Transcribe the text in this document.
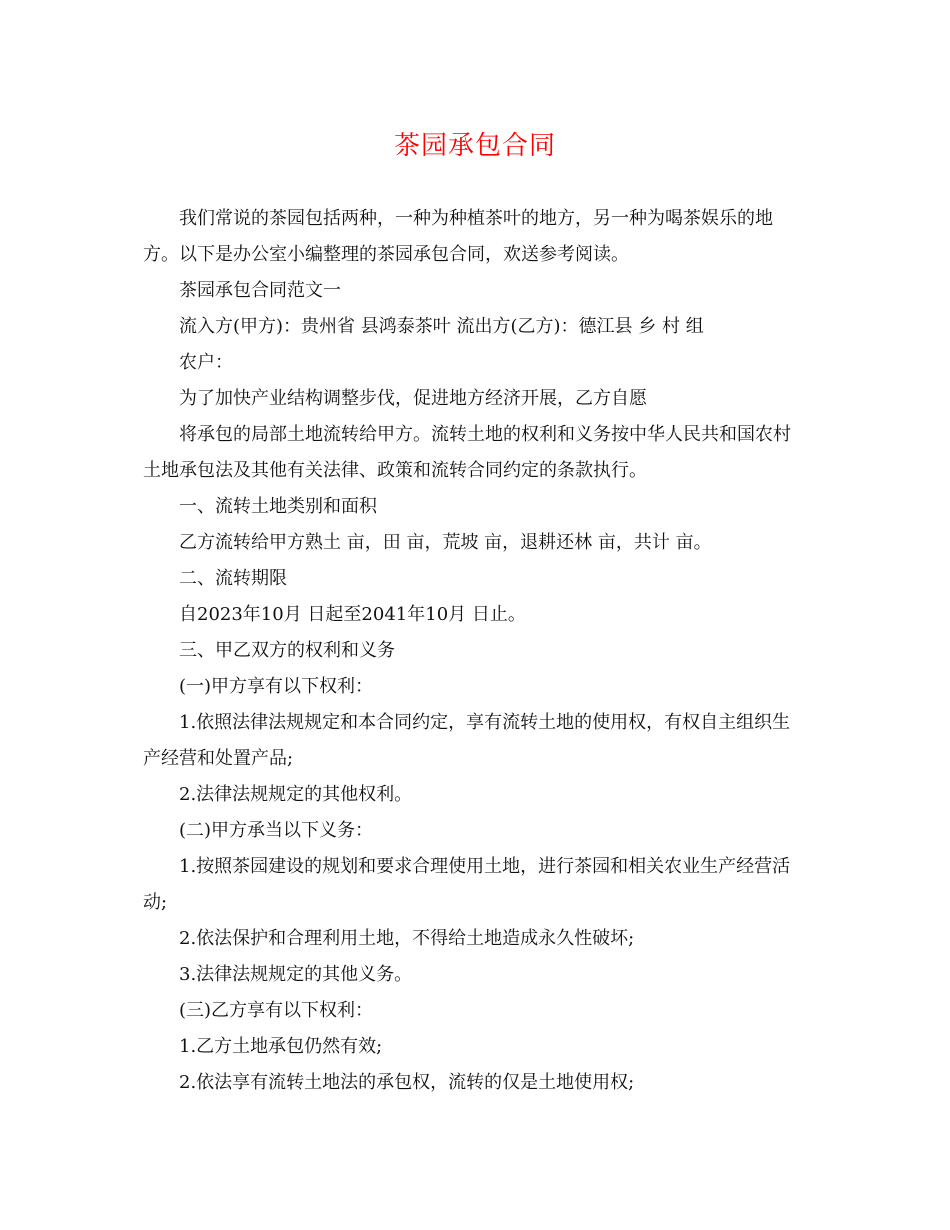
茶园承包合同

我们常说的茶园包括两种，一种为种植茶叶的地方，另一种为喝茶娱乐的地方。以下是办公室小编整理的茶园承包合同，欢送参考阅读。

茶园承包合同范文一

流入方(甲方)：贵州省 县鸿泰茶叶 流出方(乙方)：德江县 乡 村 组

农户：

为了加快产业结构调整步伐，促进地方经济开展，乙方自愿

将承包的局部土地流转给甲方。流转土地的权利和义务按中华人民共和国农村土地承包法及其他有关法律、政策和流转合同约定的条款执行。

一、流转土地类别和面积

乙方流转给甲方熟土 亩，田 亩，荒坡 亩，退耕还林 亩，共计 亩。

二、流转期限

自2023年10月 日起至2041年10月 日止。

三、甲乙双方的权利和义务

(一)甲方享有以下权利：

1.依照法律法规规定和本合同约定，享有流转土地的使用权，有权自主组织生产经营和处置产品;

2.法律法规规定的其他权利。

(二)甲方承当以下义务：

1.按照茶园建设的规划和要求合理使用土地，进行茶园和相关农业生产经营活动;

2.依法保护和合理利用土地，不得给土地造成永久性破坏;

3.法律法规规定的其他义务。

(三)乙方享有以下权利：

1.乙方土地承包仍然有效;

2.依法享有流转土地法的承包权，流转的仅是土地使用权;
